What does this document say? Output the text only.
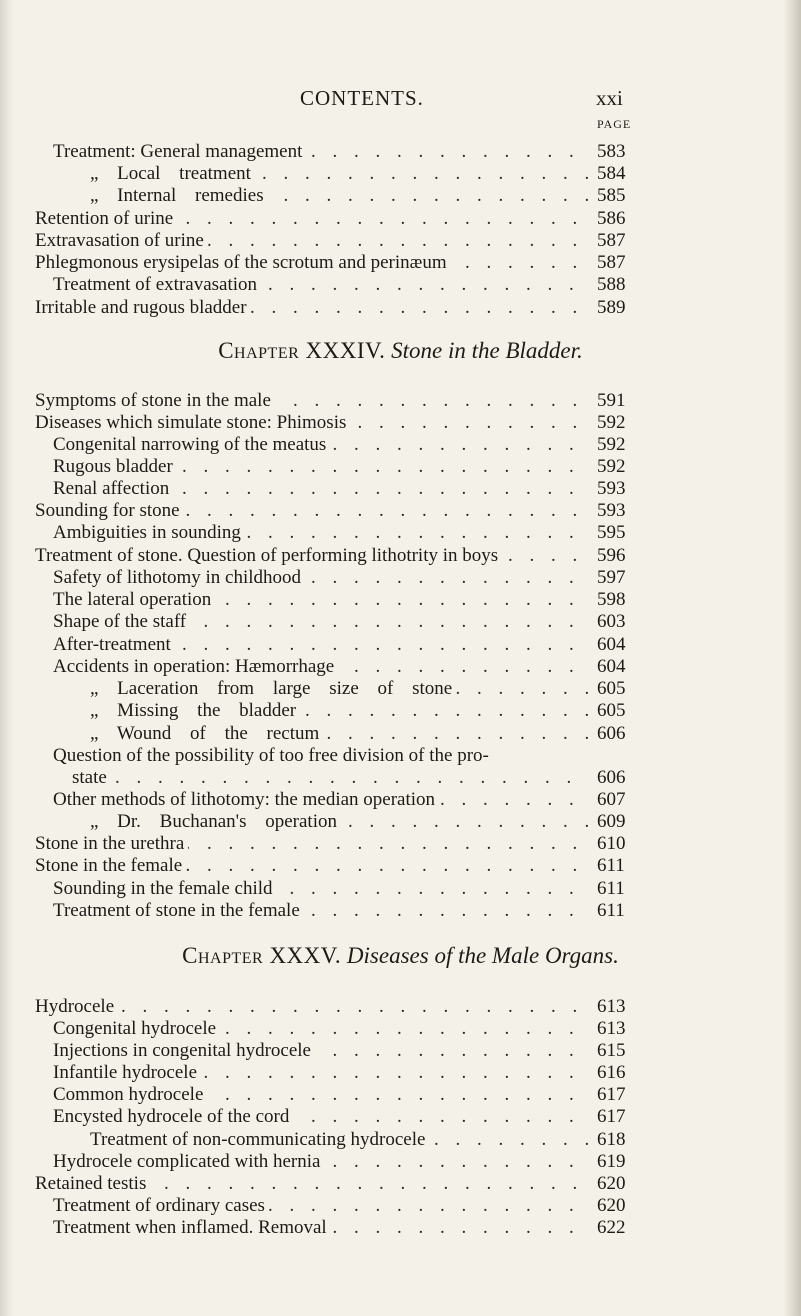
CONTENTS.	xxi
PAGE
Treatment: General management . . .	583
„ Local treatment . . .	584
„ Internal remedies . . .	585
Retention of urine . . .	586
Extravasation of urine . . .	587
Phlegmonous erysipelas of the scrotum and perinæum . . .	587
Treatment of extravasation . . .	588
Irritable and rugous bladder . . .	589
Chapter XXXIV. Stone in the Bladder.
Symptoms of stone in the male . . .	591
Diseases which simulate stone: Phimosis . . .	592
Congenital narrowing of the meatus . . .	592
Rugous bladder . . .	592
Renal affection . . .	593
Sounding for stone . . .	593
Ambiguities in sounding . . .	595
Treatment of stone. Question of performing lithotrity in boys . . .	596
Safety of lithotomy in childhood . . .	597
The lateral operation . . .	598
Shape of the staff . . .	603
After-treatment . . .	604
Accidents in operation: Hæmorrhage . . .	604
„ Laceration from large size of stone . . .	605
„ Missing the bladder . . .	605
„ Wound of the rectum . . .	606
Question of the possibility of too free division of the pro-
state . . .	606
Other methods of lithotomy: the median operation . . .	607
„ Dr. Buchanan's operation . . .	609
Stone in the urethra . . .	610
Stone in the female . . .	611
Sounding in the female child . . .	611
Treatment of stone in the female . . .	611
Chapter XXXV. Diseases of the Male Organs.
Hydrocele . . .	613
Congenital hydrocele . . .	613
Injections in congenital hydrocele . . .	615
Infantile hydrocele . . .	616
Common hydrocele . . .	617
Encysted hydrocele of the cord . . .	617
Treatment of non-communicating hydrocele . . .	618
Hydrocele complicated with hernia . . .	619
Retained testis . . .	620
Treatment of ordinary cases . . .	620
Treatment when inflamed. Removal . . .	622
